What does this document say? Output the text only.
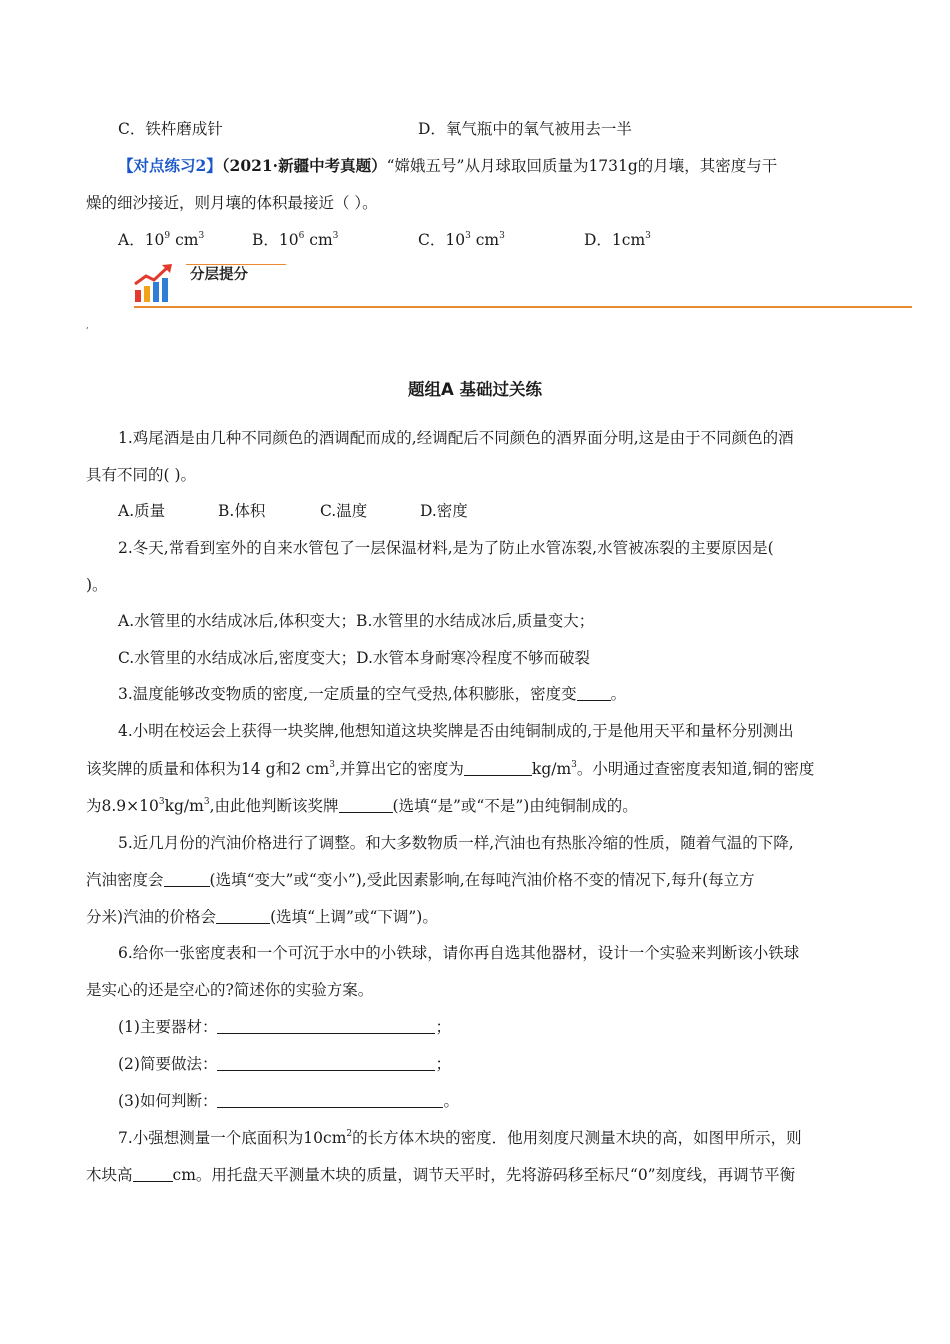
C．铁杵磨成针	D．氧气瓶中的氧气被用去一半
【对点练习2】（2021·新疆中考真题）“嫦娥五号”从月球取回质量为1731g的月壤，其密度与干
燥的细沙接近，则月壤的体积最接近（ ）。
A．$10^9$ $cm^3$	B．$10^6$ $cm^3$	C．$10^3$ $cm^3$	D．$1cm^3$
分层提分
,
题组A 基础过关练
1.鸡尾酒是由几种不同颜色的酒调配而成的,经调配后不同颜色的酒界面分明,这是由于不同颜色的酒
具有不同的( )。
A.质量	B.体积	C.温度	D.密度
2.冬天,常看到室外的自来水管包了一层保温材料,是为了防止水管冻裂,水管被冻裂的主要原因是(
)。
A.水管里的水结成冰后,体积变大；B.水管里的水结成冰后,质量变大；
C.水管里的水结成冰后,密度变大；D.水管本身耐寒冷程度不够而破裂
3.温度能够改变物质的密度,一定质量的空气受热,体积膨胀，密度变 。
4.小明在校运会上获得一块奖牌,他想知道这块奖牌是否由纯铜制成的,于是他用天平和量杯分别测出
该奖牌的质量和体积为14 g和2 $cm^3$,并算出它的密度为	$kg/m^3$。小明通过查密度表知道,铜的密度
为$8.9\times 10^3kg/m^3$,由此他判断该奖牌	(选填“是”或“不是”)由纯铜制成的。
5.近几月份的汽油价格进行了调整。和大多数物质一样,汽油也有热胀冷缩的性质，随着气温的下降,
汽油密度会	(选填“变大”或“变小”),受此因素影响,在每吨汽油价格不变的情况下,每升(每立方
分米)汽油的价格会	(选填“上调”或“下调”)。
6.给你一张密度表和一个可沉于水中的小铁球，请你再自选其他器材，设计一个实验来判断该小铁球
是实心的还是空心的?简述你的实验方案。
(1)主要器材：	；
(2)简要做法：	；
(3)如何判断：	。
7.小强想测量一个底面积为$10cm^2$的长方体木块的密度．他用刻度尺测量木块的高，如图甲所示，则
木块高	cm。用托盘天平测量木块的质量，调节天平时，先将游码移至标尺“0”刻度线，再调节平衡
